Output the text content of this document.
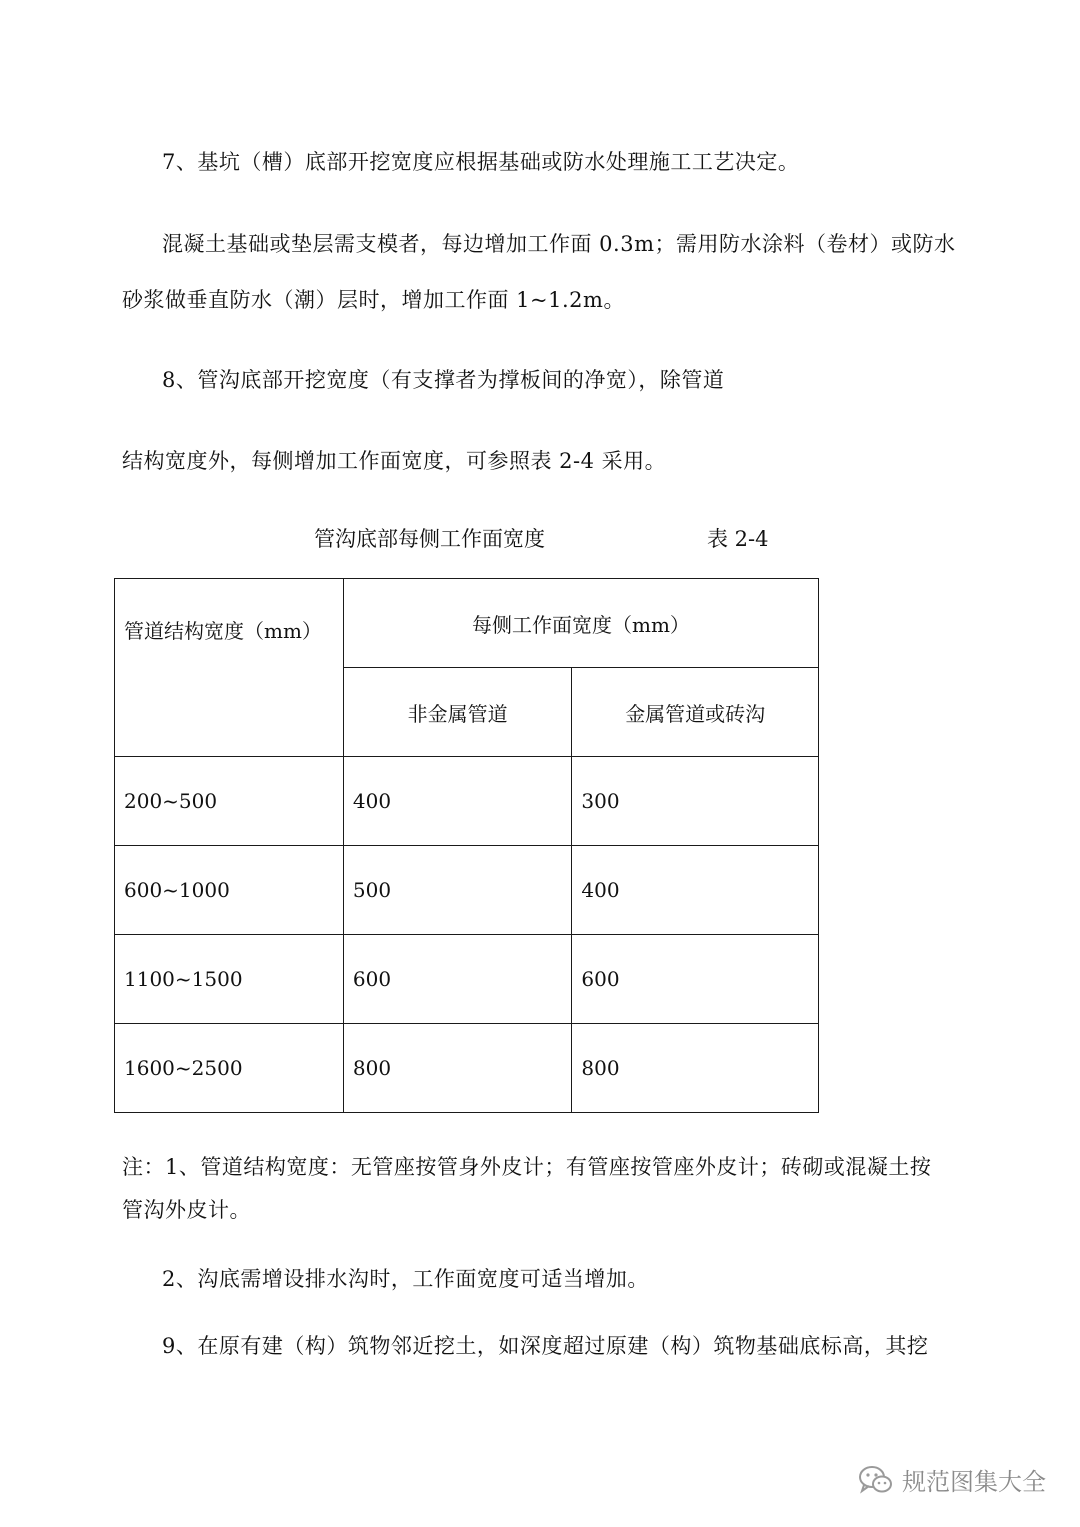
7、基坑（槽）底部开挖宽度应根据基础或防水处理施工工艺决定。
混凝土基础或垫层需支模者，每边增加工作面 0.3m；需用防水涂料（卷材）或防水
砂浆做垂直防水（潮）层时，增加工作面 1~1.2m。
8、管沟底部开挖宽度（有支撑者为撑板间的净宽），除管道
结构宽度外，每侧增加工作面宽度，可参照表 2-4 采用。
管沟底部每侧工作面宽度	表 2-4
管道结构宽度（mm）	每侧工作面宽度（mm）	
	非金属管道	金属管道或砖沟
200~500	400	300
600~1000	500	400
1100~1500	600	600
1600~2500	800	800
注：1、管道结构宽度：无管座按管身外皮计；有管座按管座外皮计；砖砌或混凝土按
管沟外皮计。
2、沟底需增设排水沟时，工作面宽度可适当增加。
9、在原有建（构）筑物邻近挖土，如深度超过原建（构）筑物基础底标高，其挖
规范图集大全
